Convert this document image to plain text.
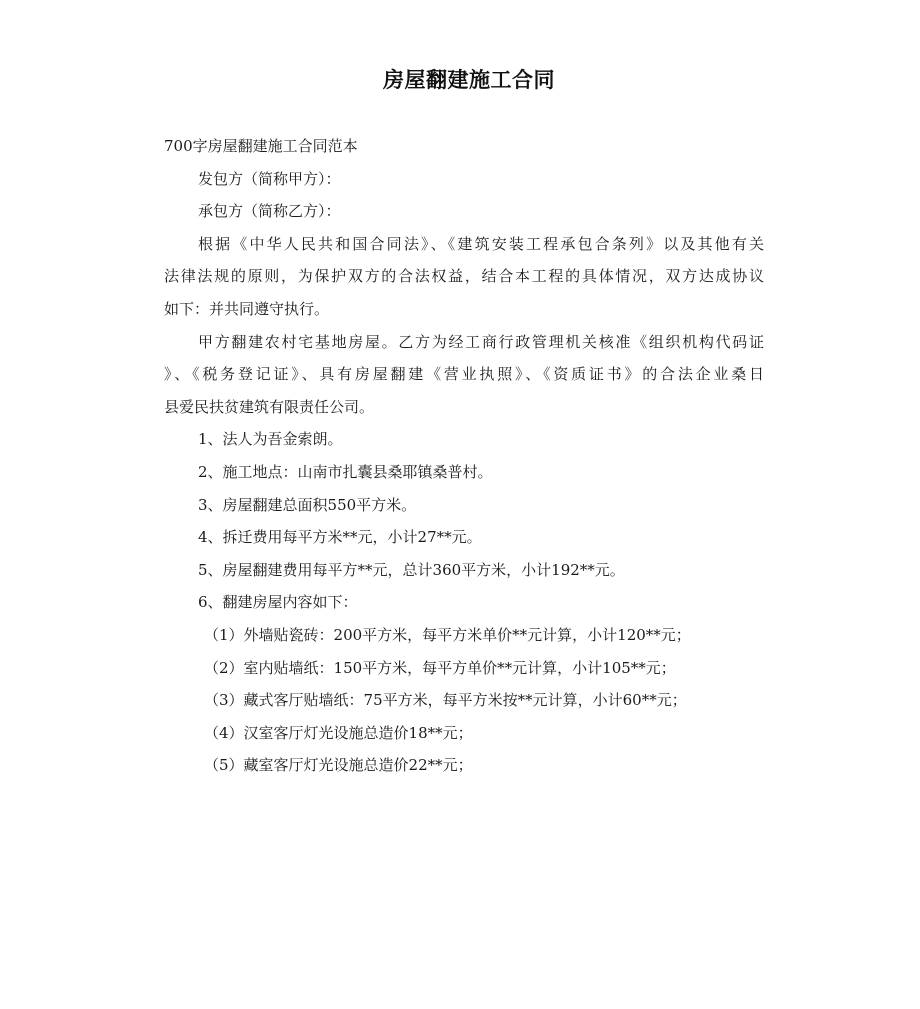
房屋翻建施工合同

700字房屋翻建施工合同范本

发包方（简称甲方）：

承包方（简称乙方）：

根据《中华人民共和国合同法》、《建筑安装工程承包合条列》以及其他有关

法律法规的原则，为保护双方的合法权益，结合本工程的具体情况，双方达成协议

如下：并共同遵守执行。

甲方翻建农村宅基地房屋。乙方为经工商行政管理机关核准《组织机构代码证

》、《税务登记证》、具有房屋翻建《营业执照》、《资质证书》的合法企业桑日

县爱民扶贫建筑有限责任公司。

1、法人为吾金索朗。

2、施工地点：山南市扎囊县桑耶镇桑普村。

3、房屋翻建总面积550平方米。

4、拆迁费用每平方米**元，小计27**元。

5、房屋翻建费用每平方**元，总计360平方米，小计192**元。

6、翻建房屋内容如下：

（1）外墙贴瓷砖：200平方米，每平方米单价**元计算，小计120**元；

（2）室内贴墙纸：150平方米，每平方单价**元计算，小计105**元；

（3）藏式客厅贴墙纸：75平方米，每平方米按**元计算，小计60**元；

（4）汉室客厅灯光设施总造价18**元；

（5）藏室客厅灯光设施总造价22**元；
